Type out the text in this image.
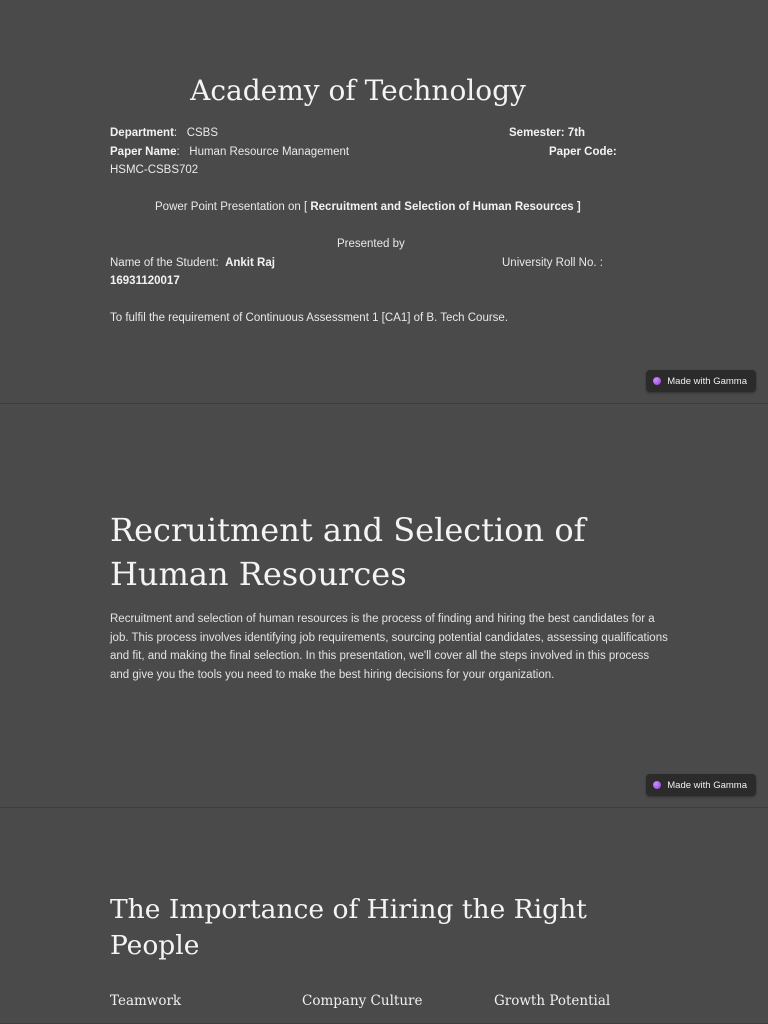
Academy of Technology
Department:   CSBS	Semester: 7th
Paper Name:   Human Resource Management	Paper Code:
HSMC-CSBS702
Power Point Presentation on [ Recruitment and Selection of Human Resources ]
Presented by
Name of the Student: Ankit Raj	University Roll No. :
16931120017
To fulfil the requirement of Continuous Assessment 1 [CA1] of B. Tech Course.
Made with Gamma
Recruitment and Selection of
Human Resources
Recruitment and selection of human resources is the process of finding and hiring the best candidates for a job. This process involves identifying job requirements, sourcing potential candidates, assessing qualifications and fit, and making the final selection. In this presentation, we'll cover all the steps involved in this process and give you the tools you need to make the best hiring decisions for your organization.
Made with Gamma
The Importance of Hiring the Right
People
Teamwork	Company Culture	Growth Potential
